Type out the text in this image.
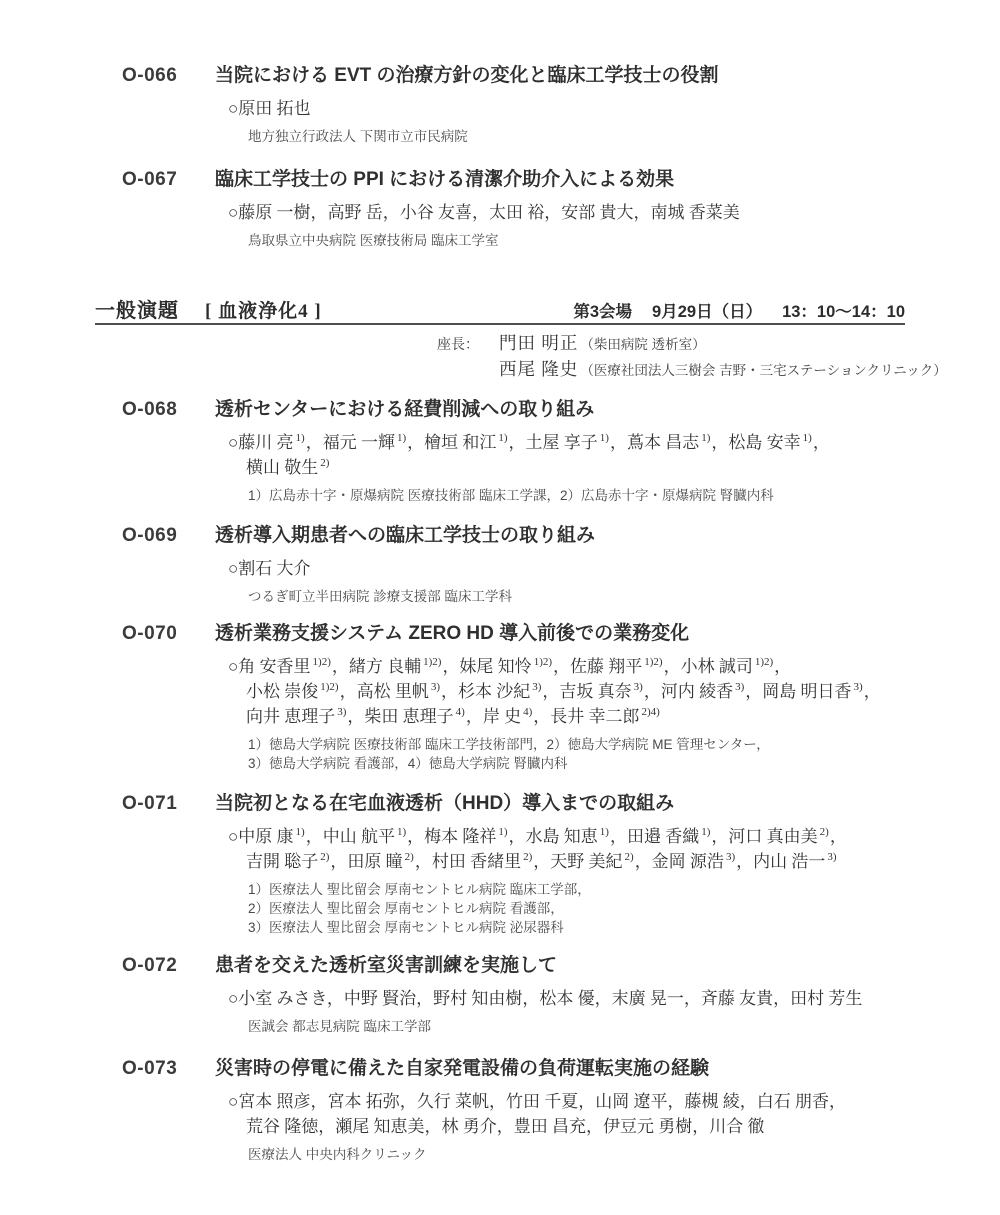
O-066	当院における EVT の治療方針の変化と臨床工学技士の役割
○原田 拓也
地方独立行政法人 下関市立市民病院
O-067	臨床工学技士の PPI における清潔介助介入による効果
○藤原 一樹，高野 岳，小谷 友喜，太田 裕，安部 貴大，南城 香菜美
鳥取県立中央病院 医療技術局 臨床工学室
一般演題 [ 血液浄化4 ]	第3会場 9月29日（日） 13：10～14：10
座長：	門田 明正 （柴田病院 透析室）
西尾 隆史 （医療社団法人三樹会 吉野・三宅ステーションクリニック）
O-068	透析センターにおける経費削減への取り組み
○藤川 亮 $^{1)}$，福元 一輝 $^{1)}$，檜垣 和江 $^{1)}$，土屋 享子 $^{1)}$，蔦本 昌志 $^{1)}$，松島 安幸 $^{1)}$，
横山 敬生 $^{2)}$
1）広島赤十字・原爆病院 医療技術部 臨床工学課，2）広島赤十字・原爆病院 腎臓内科
O-069	透析導入期患者への臨床工学技士の取り組み
○割石 大介
つるぎ町立半田病院 診療支援部 臨床工学科
O-070	透析業務支援システム ZERO HD 導入前後での業務変化
○角 安香里 $^{1)2)}$，緒方 良輔 $^{1)2)}$，妹尾 知怜 $^{1)2)}$，佐藤 翔平 $^{1)2)}$，小林 誠司 $^{1)2)}$，
小松 崇俊 $^{1)2)}$，高松 里帆 $^{3)}$，杉本 沙紀 $^{3)}$，吉坂 真奈 $^{3)}$，河内 綾香 $^{3)}$，岡島 明日香 $^{3)}$，
向井 恵理子 $^{3)}$，柴田 恵理子 $^{4)}$，岸 史 $^{4)}$，長井 幸二郎 $^{2)4)}$
1）徳島大学病院 医療技術部 臨床工学技術部門，2）徳島大学病院 ME 管理センター，
3）徳島大学病院 看護部，4）徳島大学病院 腎臓内科
O-071	当院初となる在宅血液透析（HHD）導入までの取組み
○中原 康 $^{1)}$，中山 航平 $^{1)}$，梅本 隆祥 $^{1)}$，水島 知恵 $^{1)}$，田邉 香織 $^{1)}$，河口 真由美 $^{2)}$，
吉開 聡子 $^{2)}$，田原 瞳 $^{2)}$，村田 香緒里 $^{2)}$，天野 美紀 $^{2)}$，金岡 源浩 $^{3)}$，内山 浩一 $^{3)}$
1）医療法人 聖比留会 厚南セントヒル病院 臨床工学部，
2）医療法人 聖比留会 厚南セントヒル病院 看護部，
3）医療法人 聖比留会 厚南セントヒル病院 泌尿器科
O-072	患者を交えた透析室災害訓練を実施して
○小室 みさき，中野 賢治，野村 知由樹，松本 優，末廣 晃一，斉藤 友貴，田村 芳生
医誠会 都志見病院 臨床工学部
O-073	災害時の停電に備えた自家発電設備の負荷運転実施の経験
○宮本 照彦，宮本 拓弥，久行 菜帆，竹田 千夏，山岡 遼平，藤槻 綾，白石 朋香，
荒谷 隆徳，瀬尾 知恵美，林 勇介，豊田 昌充，伊豆元 勇樹，川合 徹
医療法人 中央内科クリニック
